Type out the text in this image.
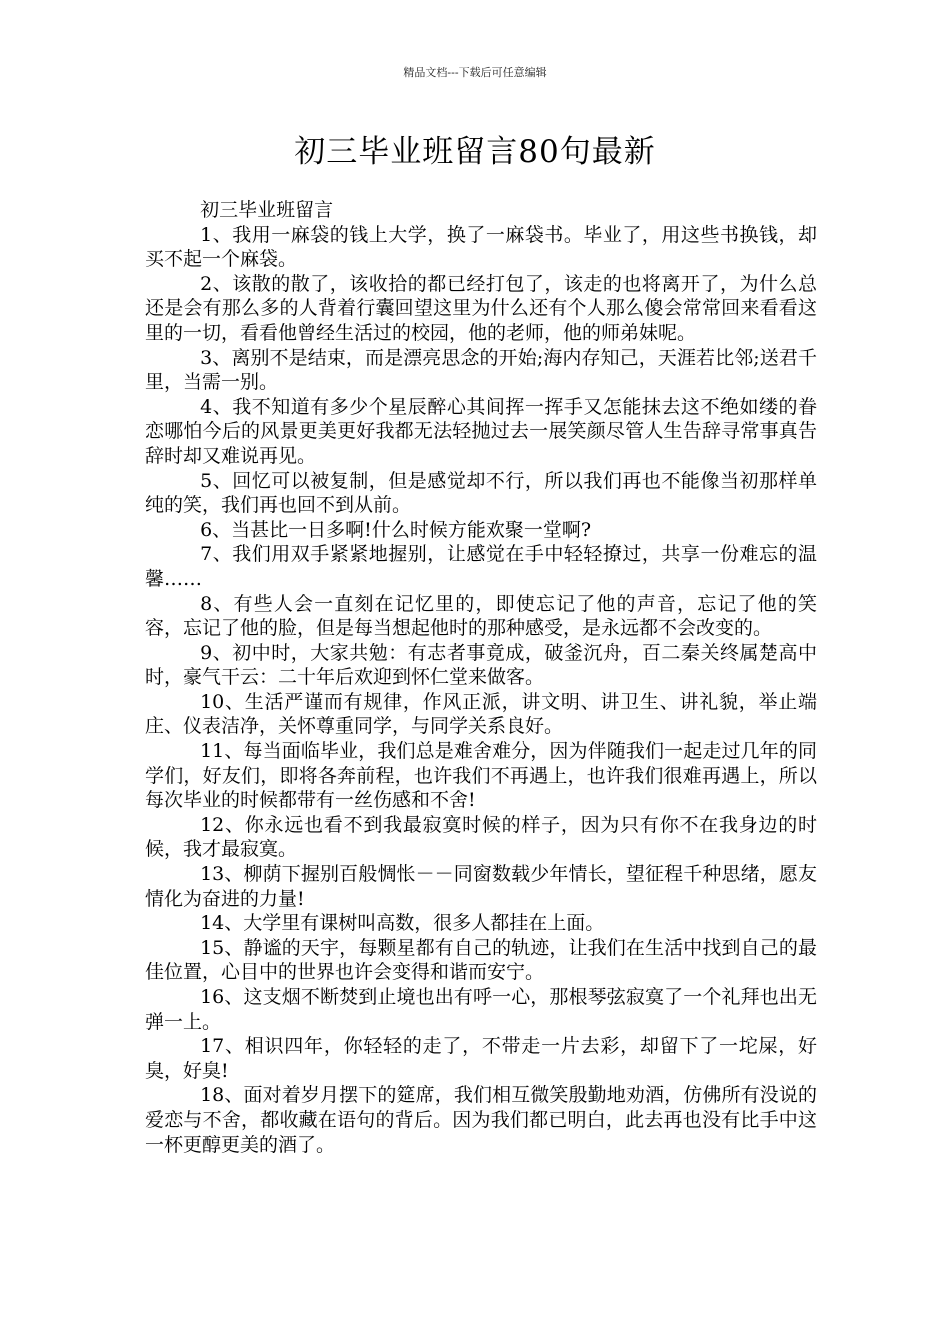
精品文档---下载后可任意编辑
初三毕业班留言80句最新

初三毕业班留言

1、我用一麻袋的钱上大学，换了一麻袋书。毕业了，用这些书换钱，却买不起一个麻袋。

2、该散的散了，该收拾的都已经打包了，该走的也将离开了，为什么总还是会有那么多的人背着行囊回望这里为什么还有个人那么傻会常常回来看看这里的一切，看看他曾经生活过的校园，他的老师，他的师弟妹呢。

3、离别不是结束，而是漂亮思念的开始;海内存知己，天涯若比邻;送君千里，当需一别。

4、我不知道有多少个星辰醉心其间挥一挥手又怎能抹去这不绝如缕的眷恋哪怕今后的风景更美更好我都无法轻抛过去一展笑颜尽管人生告辞寻常事真告辞时却又难说再见。

5、回忆可以被复制，但是感觉却不行，所以我们再也不能像当初那样单纯的笑，我们再也回不到从前。

6、当甚比一日多啊!什么时候方能欢聚一堂啊?

7、我们用双手紧紧地握别，让感觉在手中轻轻撩过，共享一份难忘的温馨……

8、有些人会一直刻在记忆里的，即使忘记了他的声音，忘记了他的笑容，忘记了他的脸，但是每当想起他时的那种感受，是永远都不会改变的。

9、初中时，大家共勉：有志者事竟成，破釜沉舟，百二秦关终属楚高中时，豪气干云：二十年后欢迎到怀仁堂来做客。

10、生活严谨而有规律，作风正派，讲文明、讲卫生、讲礼貌，举止端庄、仪表洁净，关怀尊重同学，与同学关系良好。

11、每当面临毕业，我们总是难舍难分，因为伴随我们一起走过几年的同学们，好友们，即将各奔前程，也许我们不再遇上，也许我们很难再遇上，所以每次毕业的时候都带有一丝伤感和不舍!

12、你永远也看不到我最寂寞时候的样子，因为只有你不在我身边的时候，我才最寂寞。

13、柳荫下握别百般惆怅－－同窗数载少年情长，望征程千种思绪，愿友情化为奋进的力量!

14、大学里有课树叫高数，很多人都挂在上面。

15、静谧的天宇，每颗星都有自己的轨迹，让我们在生活中找到自己的最佳位置，心目中的世界也许会变得和谐而安宁。

16、这支烟不断焚到止境也出有呼一心，那根琴弦寂寞了一个礼拜也出无弹一上。

17、相识四年，你轻轻的走了，不带走一片去彩，却留下了一坨屎，好臭，好臭!

18、面对着岁月摆下的筵席，我们相互微笑殷勤地劝酒，仿佛所有没说的爱恋与不舍，都收藏在语句的背后。因为我们都已明白，此去再也没有比手中这一杯更醇更美的酒了。
